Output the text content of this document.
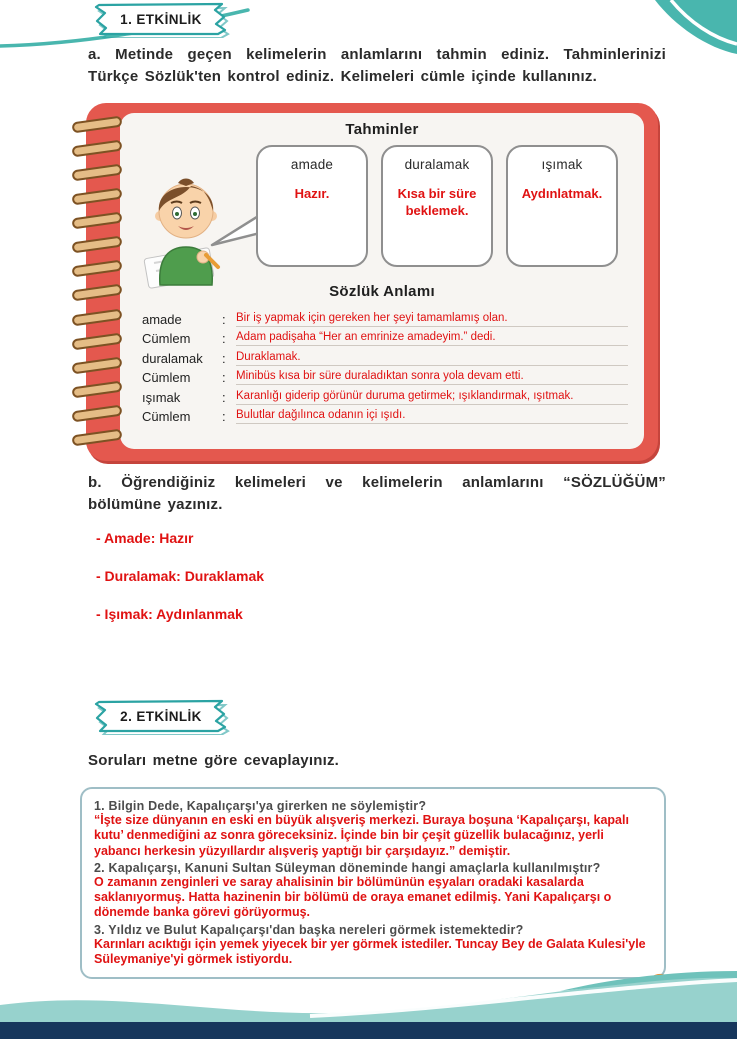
1. ETKİNLİK

a. Metinde geçen kelimelerin anlamlarını tahmin ediniz. Tahminlerinizi Türkçe Sözlük'ten kontrol ediniz. Kelimeleri cümle içinde kullanınız.

Tahminler
amade
Hazır.
duralamak
Kısa bir süre beklemek.
ışımak
Aydınlatmak.
Sözlük Anlamı
amade	: Bir iş yapmak için gereken her şeyi tamamlamış olan.
Cümlem	: Adam padişaha “Her an emrinize amadeyim.” dedi.
duralamak	: Duraklamak.
Cümlem	: Minibüs kısa bir süre duraladıktan sonra yola devam etti.
ışımak	: Karanlığı giderip görünür duruma getirmek; ışıklandırmak, ışıtmak.
Cümlem	: Bulutlar dağılınca odanın içi ışıdı.

b. Öğrendiğiniz kelimeleri ve kelimelerin anlamlarını “SÖZLÜĞÜM” bölümüne yazınız.

- Amade: Hazır
- Duralamak: Duraklamak
- Işımak: Aydınlanmak
2. ETKİNLİK

Soruları metne göre cevaplayınız.

1. Bilgin Dede, Kapalıçarşı'ya girerken ne söylemiştir?

“İşte size dünyanın en eski en büyük alışveriş merkezi. Buraya boşuna ‘Kapalıçarşı, kapalı kutu’ denmediğini az sonra göreceksiniz. İçinde bin bir çeşit güzellik bulacağınız, yerli yabancı herkesin yüzyıllardır alışveriş yaptığı bir çarşıdayız.” demiştir.

2. Kapalıçarşı, Kanuni Sultan Süleyman döneminde hangi amaçlarla kullanılmıştır?

O zamanın zenginleri ve saray ahalisinin bir bölümünün eşyaları oradaki kasalarda saklanıyormuş. Hatta hazinenin bir bölümü de oraya emanet edilmiş. Yani Kapalıçarşı o dönemde banka görevi görüyormuş.

3. Yıldız ve Bulut Kapalıçarşı'dan başka nereleri görmek istemektedir?

Karınları acıktığı için yemek yiyecek bir yer görmek istediler. Tuncay Bey de Galata Kulesi'yle Süleymaniye'yi görmek istiyordu.
